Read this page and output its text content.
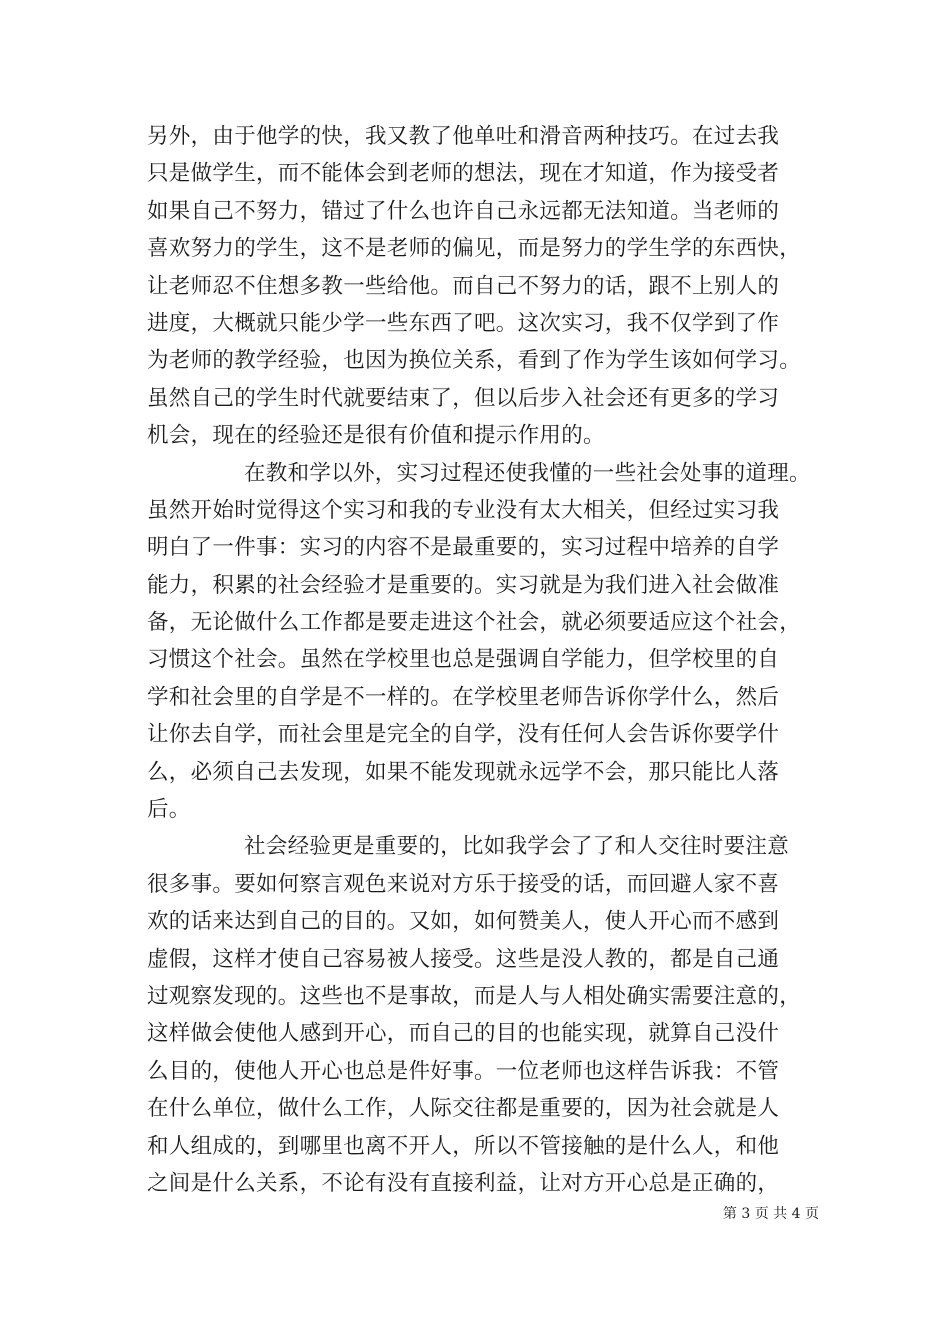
另外，由于他学的快，我又教了他单吐和滑音两种技巧。在过去我
只是做学生，而不能体会到老师的想法，现在才知道，作为接受者
如果自己不努力，错过了什么也许自己永远都无法知道。当老师的
喜欢努力的学生，这不是老师的偏见，而是努力的学生学的东西快，
让老师忍不住想多教一些给他。而自己不努力的话，跟不上别人的
进度，大概就只能少学一些东西了吧。这次实习，我不仅学到了作
为老师的教学经验，也因为换位关系，看到了作为学生该如何学习。
虽然自己的学生时代就要结束了，但以后步入社会还有更多的学习
机会，现在的经验还是很有价值和提示作用的。
在教和学以外，实习过程还使我懂的一些社会处事的道理。
虽然开始时觉得这个实习和我的专业没有太大相关，但经过实习我
明白了一件事：实习的内容不是最重要的，实习过程中培养的自学
能力，积累的社会经验才是重要的。实习就是为我们进入社会做准
备，无论做什么工作都是要走进这个社会，就必须要适应这个社会，
习惯这个社会。虽然在学校里也总是强调自学能力，但学校里的自
学和社会里的自学是不一样的。在学校里老师告诉你学什么，然后
让你去自学，而社会里是完全的自学，没有任何人会告诉你要学什
么，必须自己去发现，如果不能发现就永远学不会，那只能比人落
后。
社会经验更是重要的，比如我学会了了和人交往时要注意
很多事。要如何察言观色来说对方乐于接受的话，而回避人家不喜
欢的话来达到自己的目的。又如，如何赞美人，使人开心而不感到
虚假，这样才使自己容易被人接受。这些是没人教的，都是自己通
过观察发现的。这些也不是事故，而是人与人相处确实需要注意的，
这样做会使他人感到开心，而自己的目的也能实现，就算自己没什
么目的，使他人开心也总是件好事。一位老师也这样告诉我：不管
在什么单位，做什么工作，人际交往都是重要的，因为社会就是人
和人组成的，到哪里也离不开人，所以不管接触的是什么人，和他
之间是什么关系，不论有没有直接利益，让对方开心总是正确的，
第 3 页 共 4 页
